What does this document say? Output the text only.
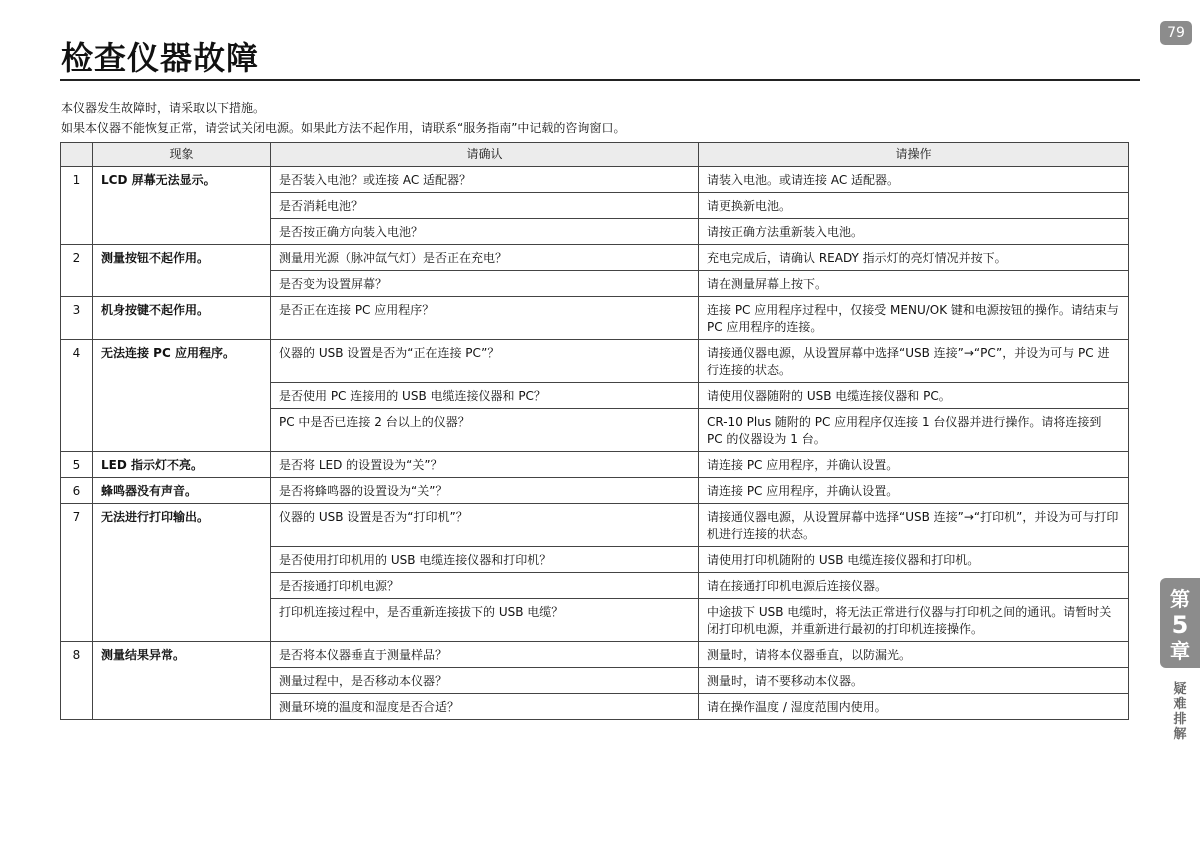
79
检查仪器故障

本仪器发生故障时，请采取以下措施。

如果本仪器不能恢复正常，请尝试关闭电源。如果此方法不起作用，请联系“服务指南”中记载的咨询窗口。

	现象	请确认	请操作
1	LCD 屏幕无法显示。	是否装入电池？或连接 AC 适配器？	请装入电池。或请连接 AC 适配器。
		是否消耗电池？	请更换新电池。
		是否按正确方向装入电池？	请按正确方法重新装入电池。
2	测量按钮不起作用。	测量用光源（脉冲氙气灯）是否正在充电？	充电完成后，请确认 READY 指示灯的亮灯情况并按下。
		是否变为设置屏幕？	请在测量屏幕上按下。
3	机身按键不起作用。	是否正在连接 PC 应用程序？	连接 PC 应用程序过程中，仅接受 MENU/OK 键和电源按钮的操作。请结束与 PC 应用程序的连接。
4	无法连接 PC 应用程序。	仪器的 USB 设置是否为“正在连接 PC”？	请接通仪器电源，从设置屏幕中选择“USB 连接”→“PC”，并设为可与 PC 进行连接的状态。
		是否使用 PC 连接用的 USB 电缆连接仪器和 PC？	请使用仪器随附的 USB 电缆连接仪器和 PC。
		PC 中是否已连接 2 台以上的仪器？	CR-10 Plus 随附的 PC 应用程序仅连接 1 台仪器并进行操作。请将连接到 PC 的仪器设为 1 台。
5	LED 指示灯不亮。	是否将 LED 的设置设为“关”？	请连接 PC 应用程序，并确认设置。
6	蜂鸣器没有声音。	是否将蜂鸣器的设置设为“关”？	请连接 PC 应用程序，并确认设置。
7	无法进行打印输出。	仪器的 USB 设置是否为“打印机”？	请接通仪器电源，从设置屏幕中选择“USB 连接”→“打印机”，并设为可与打印机进行连接的状态。
		是否使用打印机用的 USB 电缆连接仪器和打印机？	请使用打印机随附的 USB 电缆连接仪器和打印机。
		是否接通打印机电源？	请在接通打印机电源后连接仪器。
		打印机连接过程中，是否重新连接拔下的 USB 电缆？	中途拔下 USB 电缆时，将无法正常进行仪器与打印机之间的通讯。请暂时关闭打印机电源，并重新进行最初的打印机连接操作。
8	测量结果异常。	是否将本仪器垂直于测量样品？	测量时，请将本仪器垂直，以防漏光。
		测量过程中，是否移动本仪器？	测量时，请不要移动本仪器。
		测量环境的温度和湿度是否合适？	请在操作温度 / 湿度范围内使用。
第
5
章
疑难排解
